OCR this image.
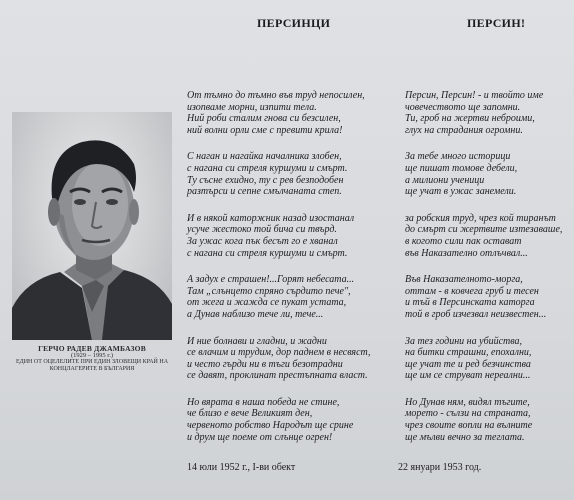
ПЕРСИНЦИ	ПЕРСИН!
ГЕРЧО РАДЕВ ДЖАМБАЗОВ
(1929 – 1995 г.)
ЕДИН ОТ ОЦЕЛЕЛИТЕ ПРИ ЕДИН ЗЛОВЕЩИ КРАЙ НА
КОНЦЛАГЕРИТЕ В БЪЛГАРИЯ
От тъмно до тъмно във труд непосилен,
изопваме морни, изпити тела.
Ний роби сталим гнова си безсилен,
ний волни орли сме с превити крила!
С наган и нагайка началника злобен,
с нагана си стреля куршуми и смърт.
Ту съсне ехидно, ту с рев безподобен
разтърси и сепне смълчаната степ.
И в някой каторжник назад изостанал
усуче жестоко той бича си твърд.
За ужас кога пък бесът го е хванал
с нагана си стреля куршуми и смърт.
А задух е страшен!...Горят небесата...
Там „слънцето спряно сърдито пече",
от жега и жажда се пукат устата,
а Дунав наблизо тече ли, тече...
И ние болнави и гладни, и жадни
се влачим и трудим, дор паднем в несвяст,
и често гърди ни в тъги безотрадни
се давят, проклинат престъпната власт.
Но вярата в наша победа не стине,
че близо е вече Великият ден,
червеното робство Народът ще срине
и друм ще поеме от слънце огрен!
Персин, Персин! - и твойто име
човечеството ще запомни.
Ти, гроб на жертви неброими,
глух на страдания огромни.
За тебе много историци
ще пишат томове дебели,
а милиони ученици
ще учат в ужас занемели.
за робския труд, чрез кой тиранът
до смърт си жертвите изтезаваше,
в когото сили пак остават
във Наказателно отлъчвал...
Във Наказателното-морга,
оттам - в ковчега груб и тесен
и тъй в Персинската каторга
той в гроб изчезвал неизвестен...
За тез години на убийства,
на битки страшни, епохални,
ще учат те и ред безчинства
ще им се струват нереални...
Но Дунав ням, видял тъгите,
морето - сълзи на страната,
чрез своите вопли на вълните
ще мълви вечно за теглата.
14 юли 1952 г., I-ви обект	22 януари 1953 год.
